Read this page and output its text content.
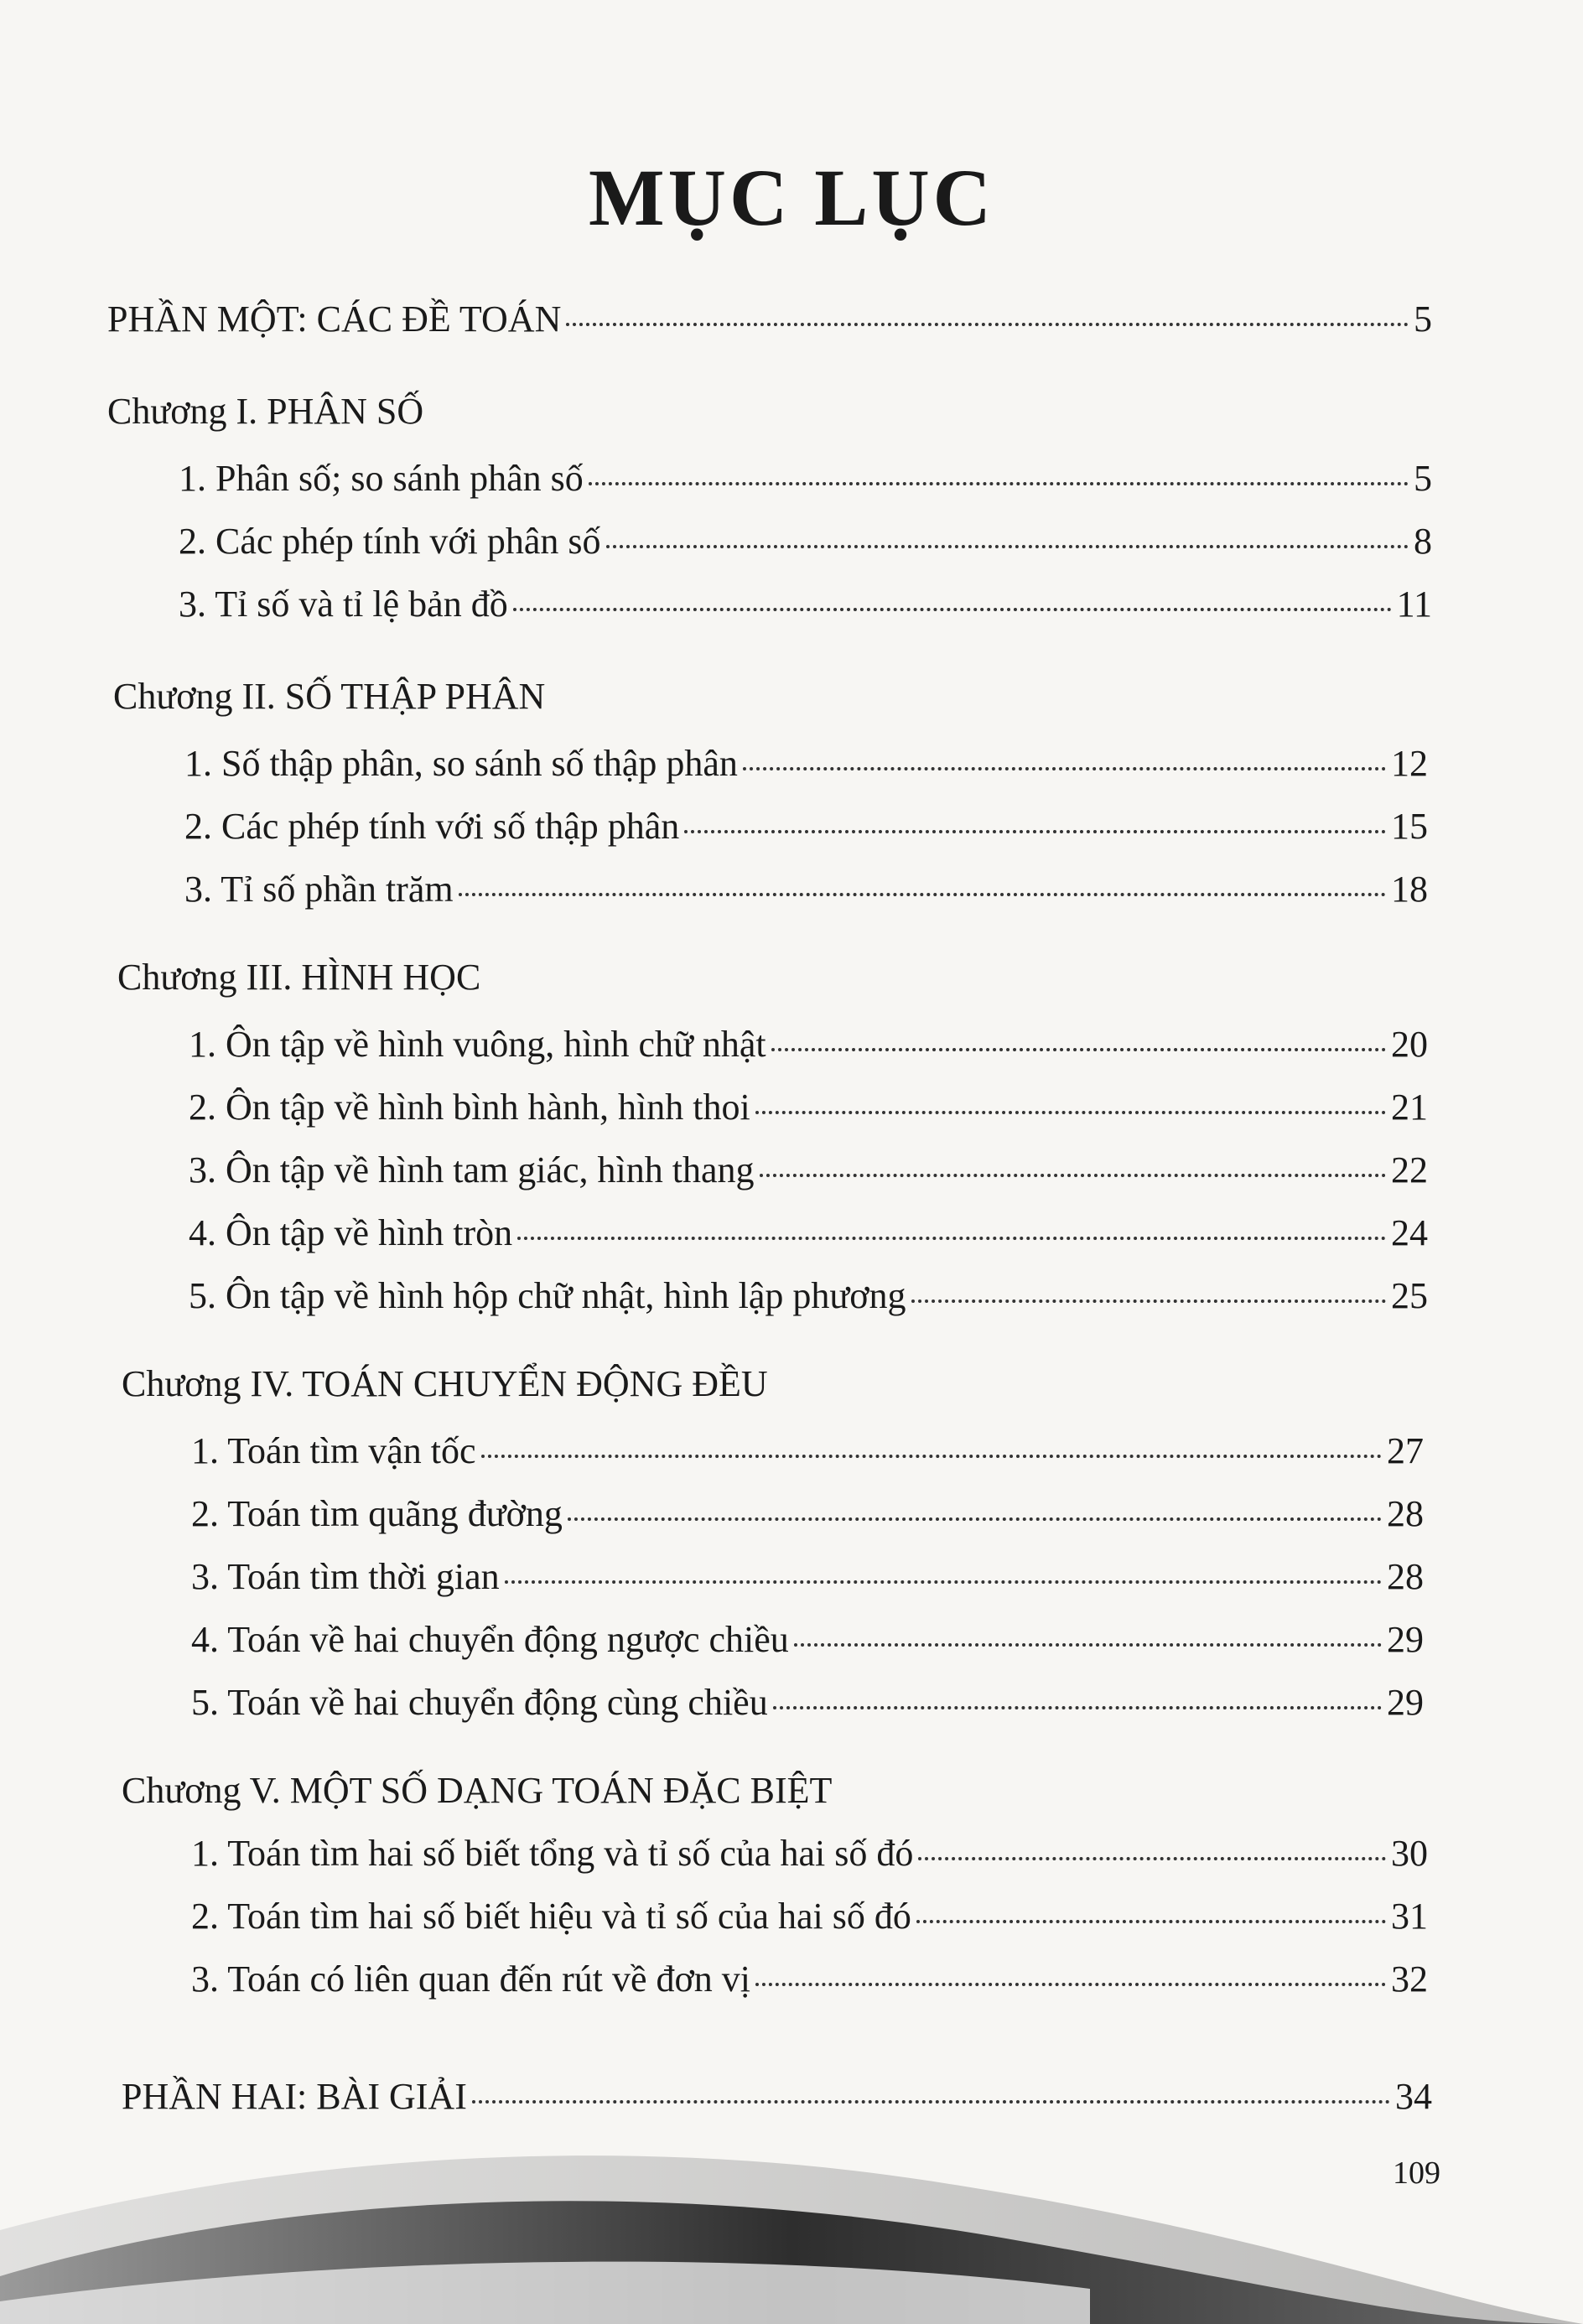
MỤC LỤC
PHẦN MỘT: CÁC ĐỀ TOÁN	5
Chương I. PHÂN SỐ
1. Phân số; so sánh phân số	5
2. Các phép tính với phân số	8
3. Tỉ số và tỉ lệ bản đồ	11
Chương II. SỐ THẬP PHÂN
1. Số thập phân, so sánh số thập phân	12
2. Các phép tính với số thập phân	15
3. Tỉ số phần trăm	18
Chương III. HÌNH HỌC
1. Ôn tập về hình vuông, hình chữ nhật	20
2. Ôn tập về hình bình hành, hình thoi	21
3. Ôn tập về hình tam giác, hình thang	22
4. Ôn tập về hình tròn	24
5. Ôn tập về hình hộp chữ nhật, hình lập phương	25
Chương IV. TOÁN CHUYỂN ĐỘNG ĐỀU
1. Toán tìm vận tốc	27
2. Toán tìm quãng đường	28
3. Toán tìm thời gian	28
4. Toán về hai chuyển động ngược chiều	29
5. Toán về hai chuyển động cùng chiều	29
Chương V. MỘT SỐ DẠNG TOÁN ĐẶC BIỆT
1. Toán tìm hai số biết tổng và tỉ số của hai số đó	30
2. Toán tìm hai số biết hiệu và tỉ số của hai số đó	31
3. Toán có liên quan đến rút về đơn vị	32
PHẦN HAI: BÀI GIẢI	34
109
